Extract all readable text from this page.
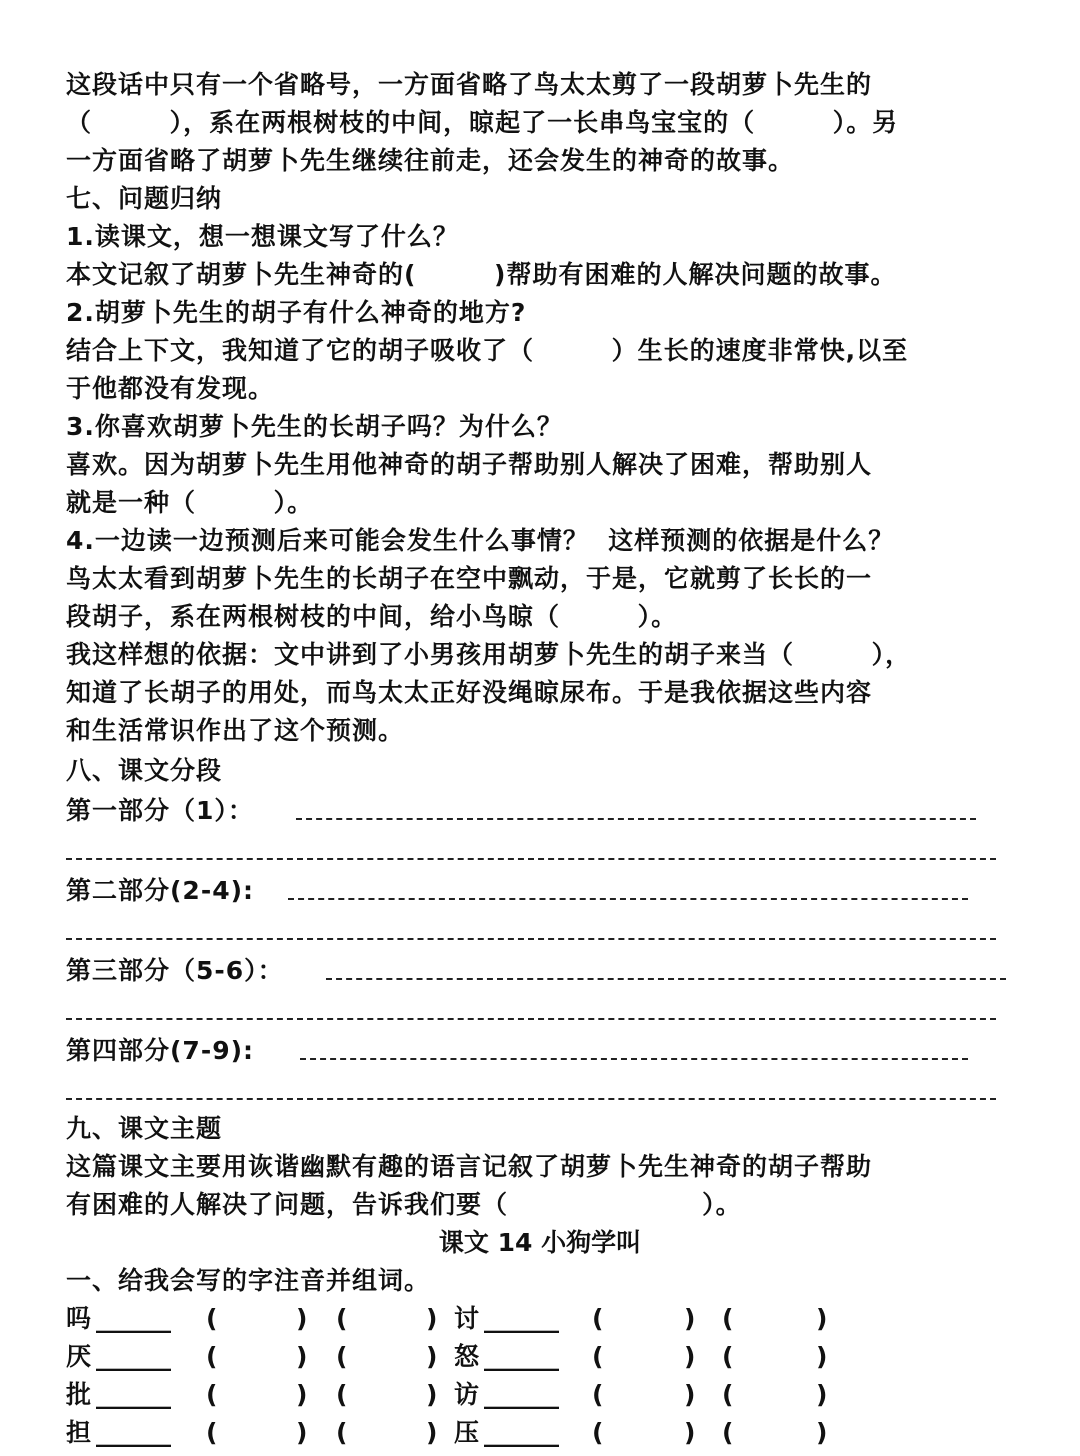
这段话中只有一个省略号，一方面省略了鸟太太剪了一段胡萝卜先生的
（        ），系在两根树枝的中间，晾起了一长串鸟宝宝的（        ）。另
一方面省略了胡萝卜先生继续往前走，还会发生的神奇的故事。
七、问题归纳
1.读课文，想一想课文写了什么？
本文记叙了胡萝卜先生神奇的(        )帮助有困难的人解决问题的故事。
2.胡萝卜先生的胡子有什么神奇的地方?
结合上下文，我知道了它的胡子吸收了（        ）生长的速度非常快,以至
于他都没有发现。
3.你喜欢胡萝卜先生的长胡子吗？为什么？
喜欢。因为胡萝卜先生用他神奇的胡子帮助别人解决了困难，帮助别人
就是一种（        ）。
4.一边读一边预测后来可能会发生什么事情？  这样预测的依据是什么？
鸟太太看到胡萝卜先生的长胡子在空中飘动，于是，它就剪了长长的一
段胡子，系在两根树枝的中间，给小鸟晾（        ）。
我这样想的依据：文中讲到了小男孩用胡萝卜先生的胡子来当（        ），
知道了长胡子的用处，而鸟太太正好没绳晾尿布。于是我依据这些内容
和生活常识作出了这个预测。
八、课文分段
第一部分（1）：
第二部分(2-4):
第三部分（5-6）：
第四部分(7-9):
九、课文主题
这篇课文主要用诙谐幽默有趣的语言记叙了胡萝卜先生神奇的胡子帮助
有困难的人解决了问题，告诉我们要（                    ）。
课文 14 小狗学叫
一、给我会写的字注音并组词。
吗 ______ (	) (	) 讨 ______ (	) (	)
厌 ______ (	) (	) 怒 ______ (	) (	)
批 ______ (	) (	) 访 ______ (	) (	)
担 ______ (	) (	) 压 ______ (	) (	)
